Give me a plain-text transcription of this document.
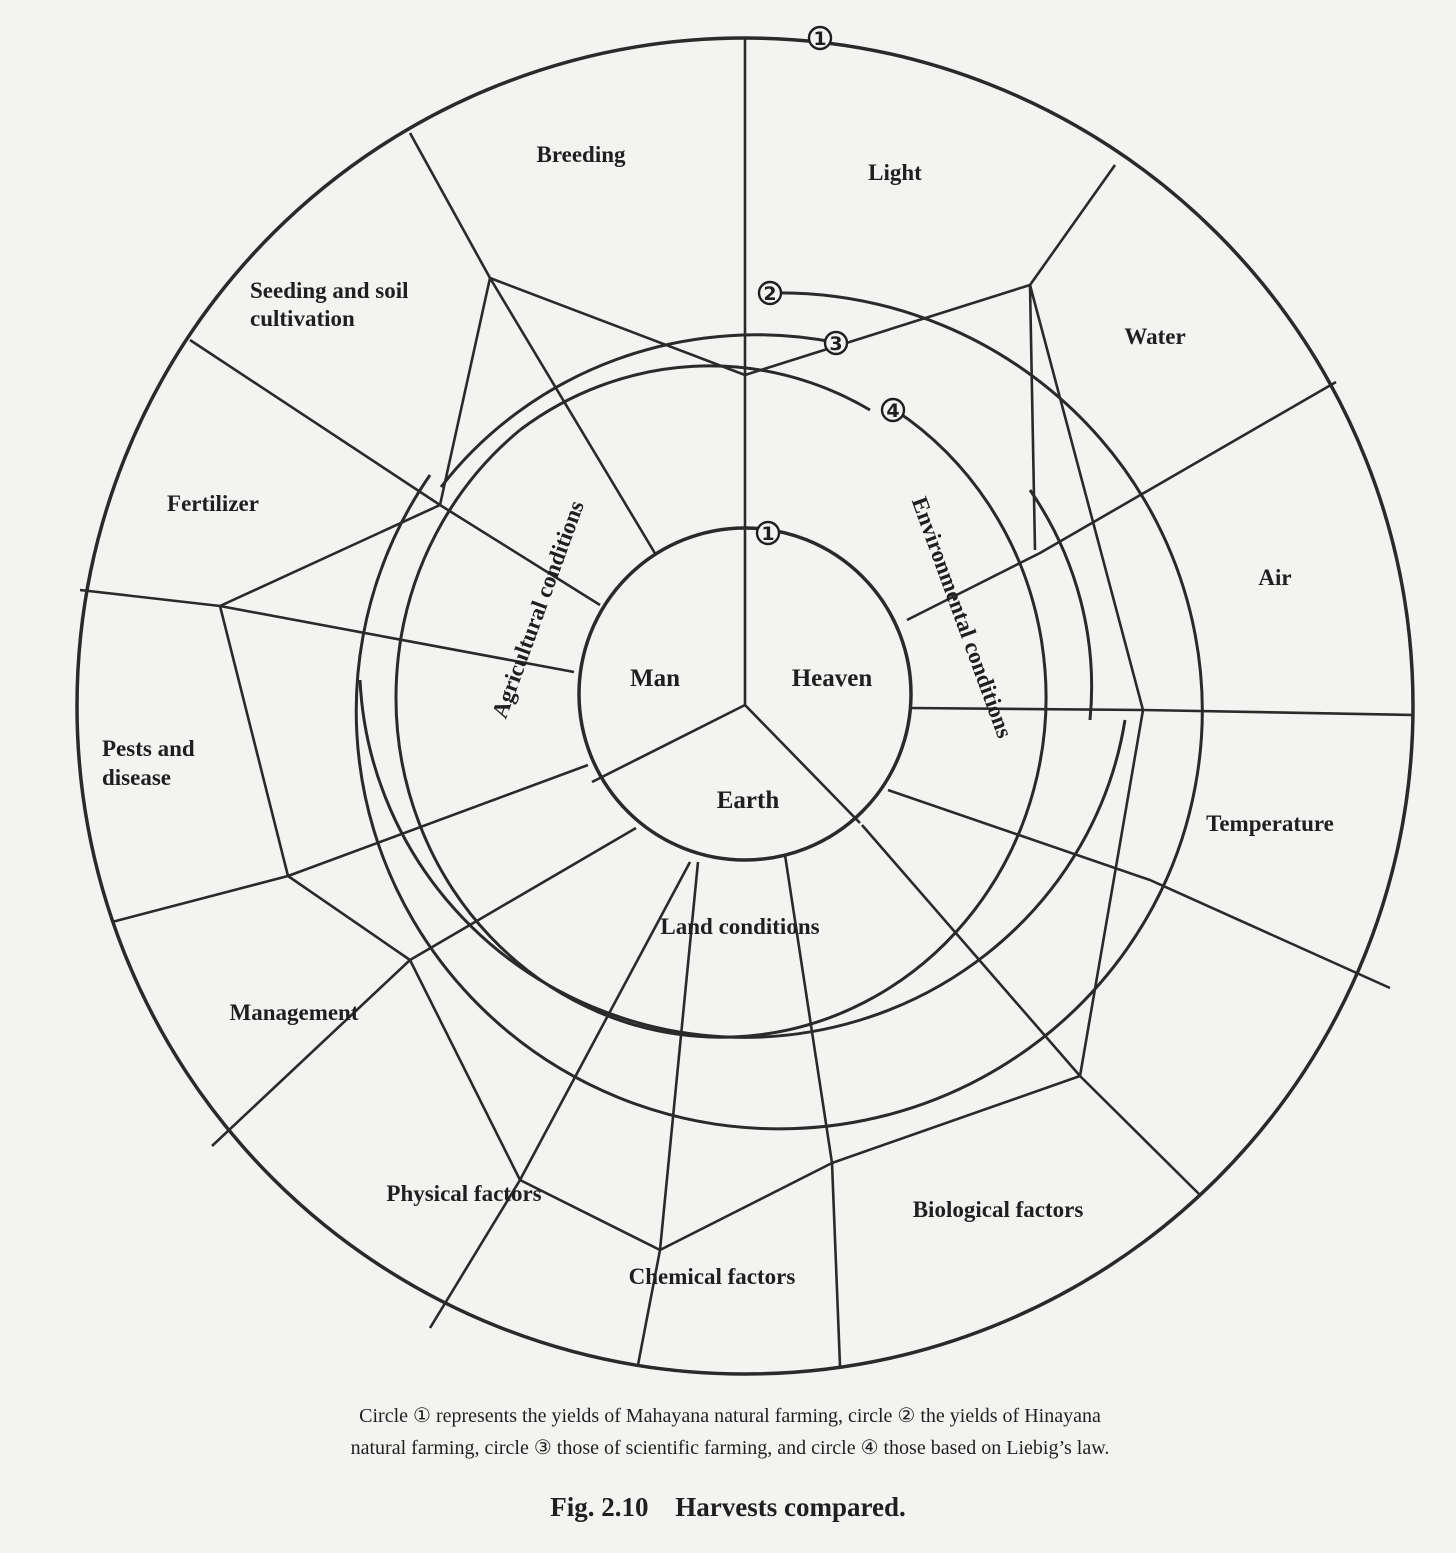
Breeding
Light
Seeding and soil
cultivation
Water
Fertilizer
Air
Pests and
disease
Temperature
Management
Physical factors
Biological factors
Chemical factors
Land conditions
Agricultural conditions	Environmental conditions
Man	Heaven
Earth
1
2
3
4
1
Circle ① represents the yields of Mahayana natural farming, circle ② the yields of Hinayana
natural farming, circle ③ those of scientific farming, and circle ④ those based on Liebig’s law.
Fig. 2.10 Harvests compared.
